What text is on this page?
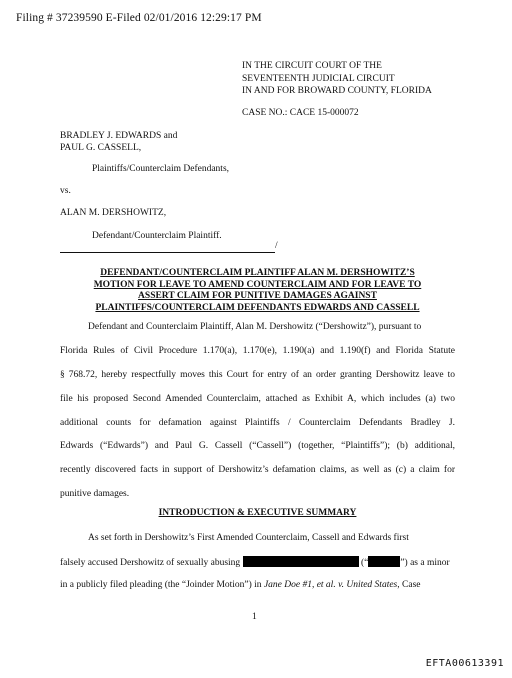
Filing # 37239590 E-Filed 02/01/2016 12:29:17 PM
IN THE CIRCUIT COURT OF THE
SEVENTEENTH JUDICIAL CIRCUIT
IN AND FOR BROWARD COUNTY, FLORIDA
CASE NO.: CACE 15-000072
BRADLEY J. EDWARDS and
PAUL G. CASSELL,
Plaintiffs/Counterclaim Defendants,
vs.
ALAN M. DERSHOWITZ,
Defendant/Counterclaim Plaintiff.
/
DEFENDANT/COUNTERCLAIM PLAINTIFF ALAN M. DERSHOWITZ’S
MOTION FOR LEAVE TO AMEND COUNTERCLAIM AND FOR LEAVE TO
ASSERT CLAIM FOR PUNITIVE DAMAGES AGAINST
PLAINTIFFS/COUNTERCLAIM DEFENDANTS EDWARDS AND CASSELL
Defendant and Counterclaim Plaintiff, Alan M. Dershowitz (“Dershowitz”), pursuant to
Florida Rules of Civil Procedure 1.170(a), 1.170(e), 1.190(a) and 1.190(f) and Florida Statute
§ 768.72, hereby respectfully moves this Court for entry of an order granting Dershowitz leave to
file his proposed Second Amended Counterclaim, attached as Exhibit A, which includes (a) two
additional counts for defamation against Plaintiffs / Counterclaim Defendants Bradley J.
Edwards (“Edwards”) and Paul G. Cassell (“Cassell”) (together, “Plaintiffs”); (b) additional,
recently discovered facts in support of Dershowitz’s defamation claims, as well as (c) a claim for
punitive damages.
INTRODUCTION & EXECUTIVE SUMMARY
As set forth in Dershowitz’s First Amended Counterclaim, Cassell and Edwards first
falsely accused Dershowitz of sexually abusing	(“	”) as a minor
in a publicly filed pleading (the “Joinder Motion”) in Jane Doe #1, et al. v. United States, Case
1
EFTA00613391
